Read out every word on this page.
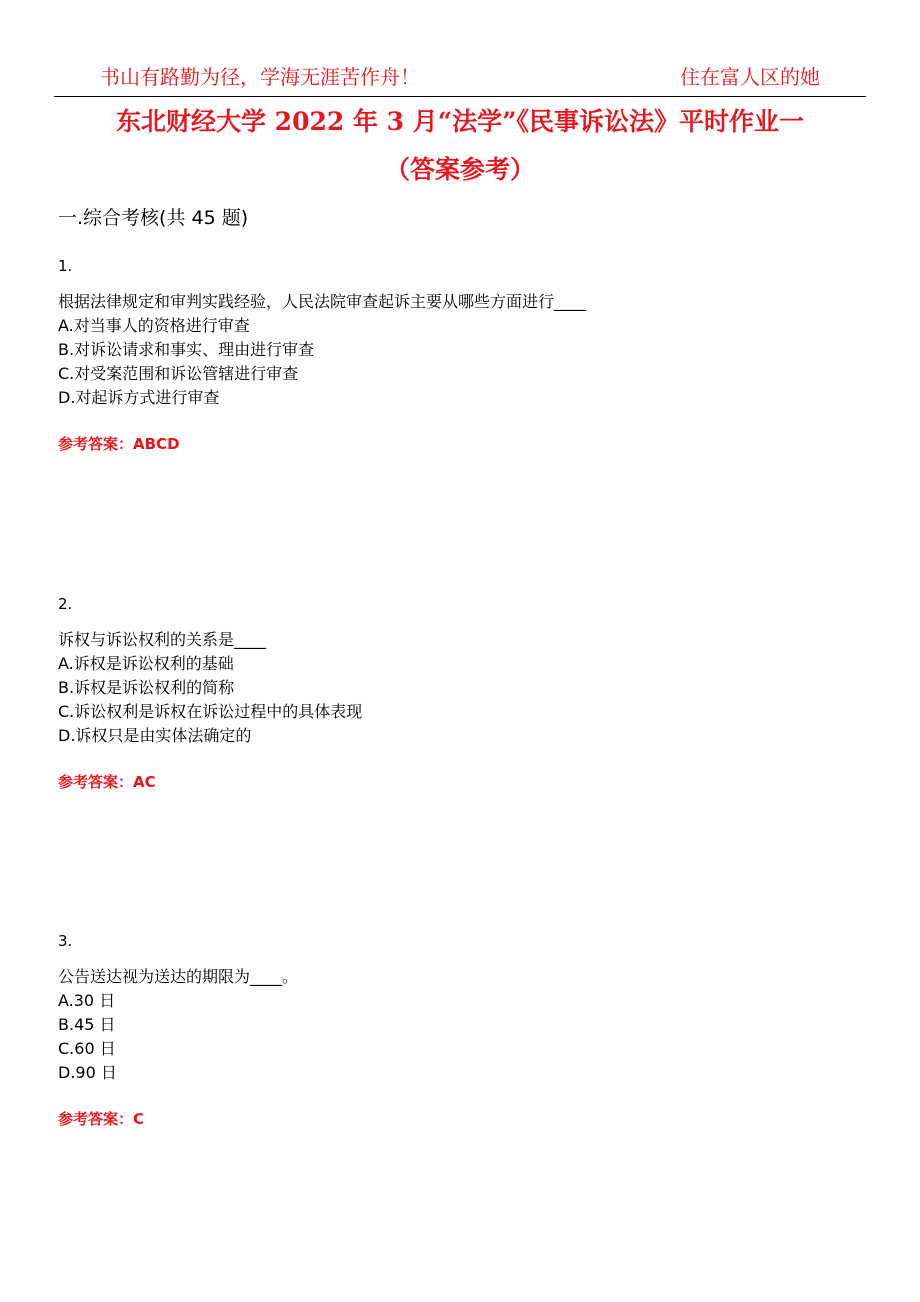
书山有路勤为径，学海无涯苦作舟！	住在富人区的她
东北财经大学 2022 年 3 月“法学”《民事诉讼法》平时作业一
（答案参考）
一.综合考核(共 45 题)
1.
根据法律规定和审判实践经验，人民法院审查起诉主要从哪些方面进行____
A.对当事人的资格进行审查
B.对诉讼请求和事实、理由进行审查
C.对受案范围和诉讼管辖进行审查
D.对起诉方式进行审查
参考答案：ABCD
2.
诉权与诉讼权利的关系是____
A.诉权是诉讼权利的基础
B.诉权是诉讼权利的简称
C.诉讼权利是诉权在诉讼过程中的具体表现
D.诉权只是由实体法确定的
参考答案：AC
3.
公告送达视为送达的期限为____。
A.30 日
B.45 日
C.60 日
D.90 日
参考答案：C
